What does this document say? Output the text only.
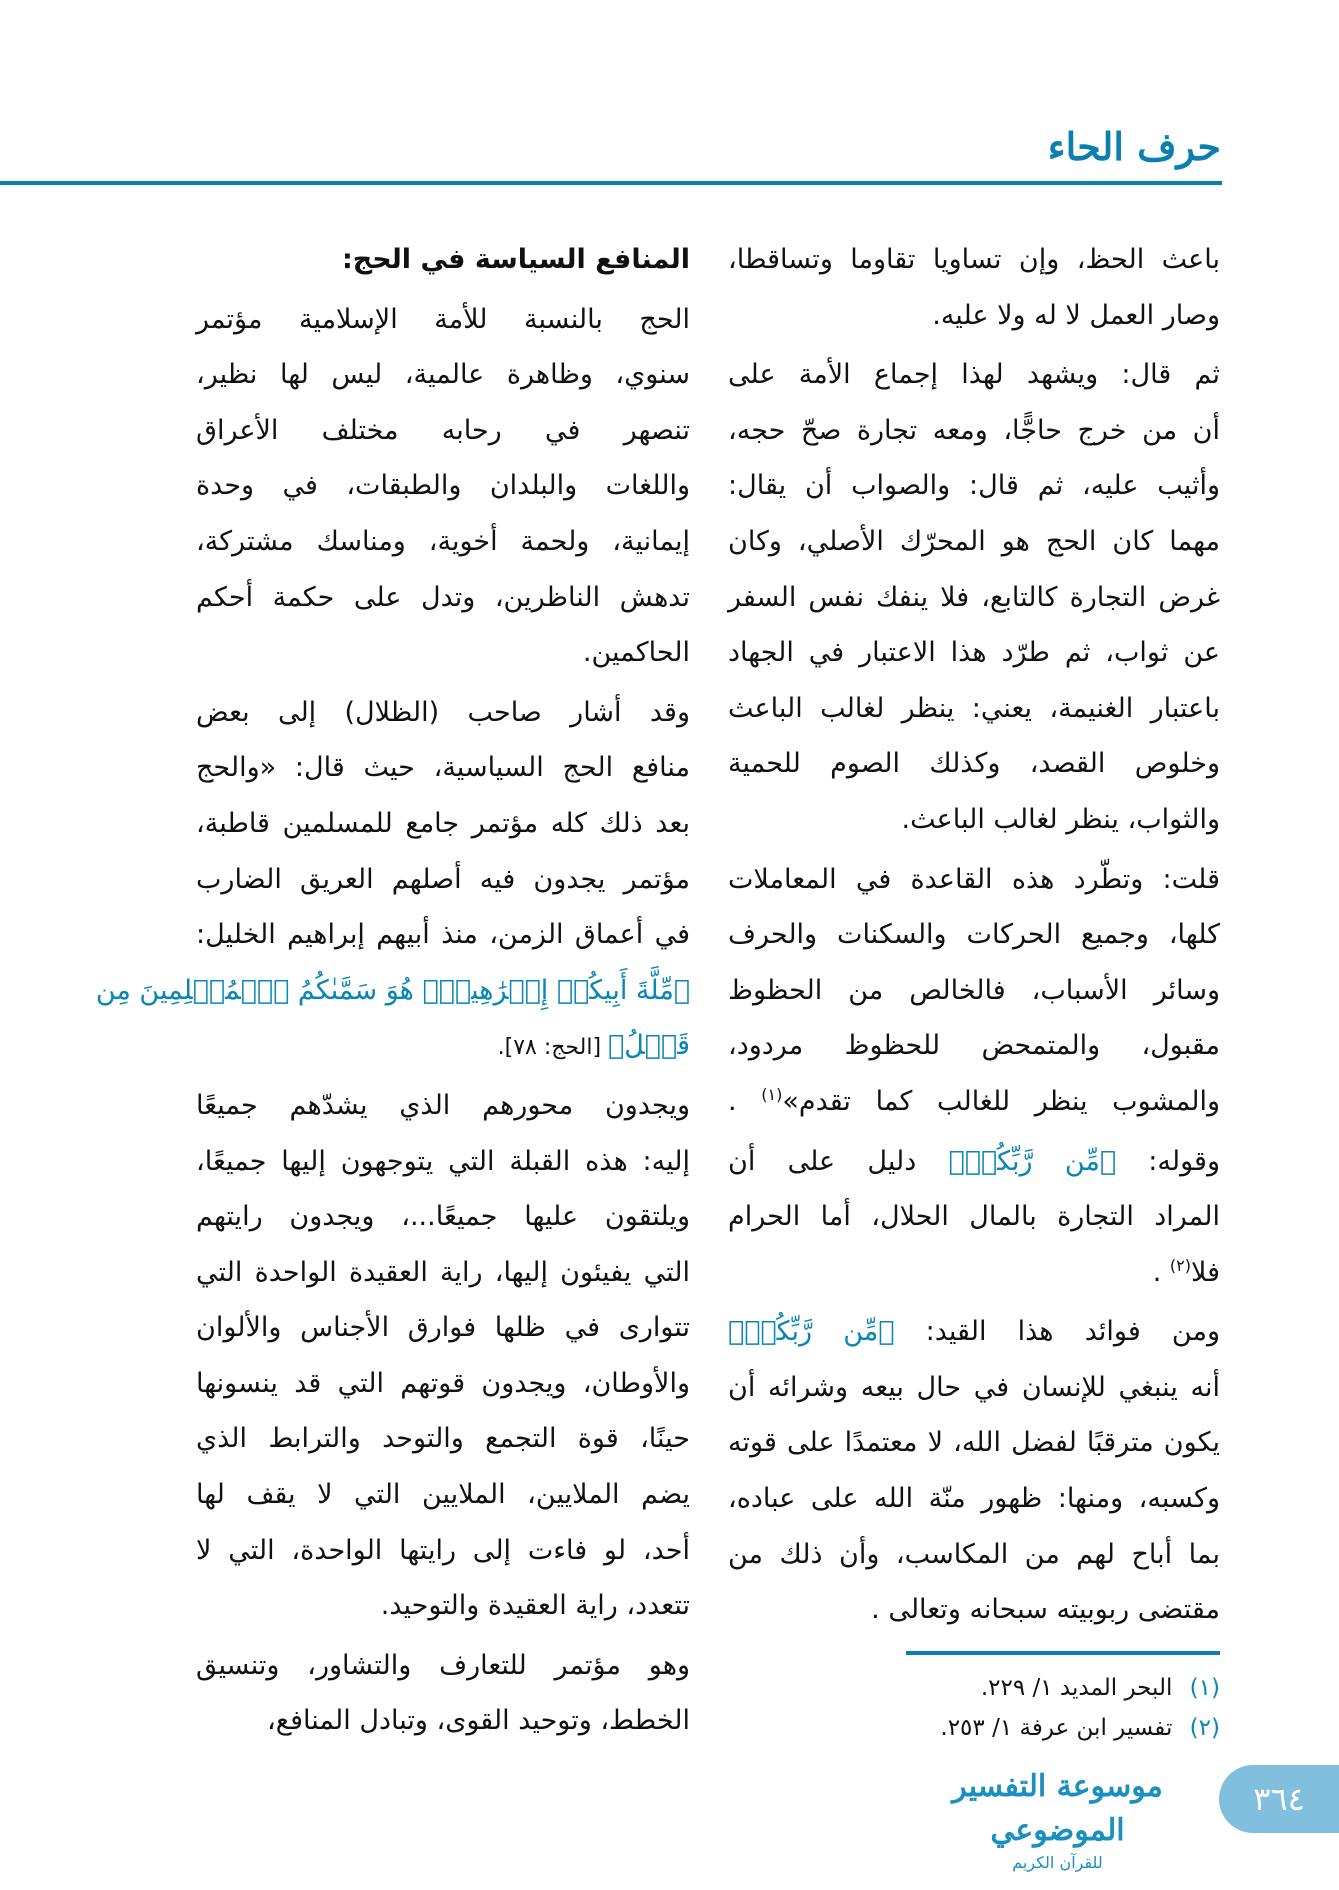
حرف الحاء
باعث الحظ، وإن تساويا تقاوما وتساقطا،
وصار العمل لا له ولا عليه.
ثم قال: ويشهد لهذا إجماع الأمة على
أن من خرج حاجًّا، ومعه تجارة صحّ حجه،
وأثيب عليه، ثم قال: والصواب أن يقال:
مهما كان الحج هو المحرّك الأصلي، وكان
غرض التجارة كالتابع، فلا ينفك نفس السفر
عن ثواب، ثم طرّد هذا الاعتبار في الجهاد
باعتبار الغنيمة، يعني: ينظر لغالب الباعث
وخلوص القصد، وكذلك الصوم للحمية
والثواب، ينظر لغالب الباعث.
قلت: وتطّرد هذه القاعدة في المعاملات
كلها، وجميع الحركات والسكنات والحرف
وسائر الأسباب، فالخالص من الحظوظ
مقبول، والمتمحض للحظوظ مردود،
والمشوب ينظر للغالب كما تقدم»$^{(١)}$ .
وقوله: ﴿مِّن رَّبِّكُمۡ﴾ دليل على أن
المراد التجارة بالمال الحلال، أما الحرام
فلا$^{(٢)}$ .
ومن فوائد هذا القيد: ﴿مِّن رَّبِّكُمۡ﴾
أنه ينبغي للإنسان في حال بيعه وشرائه أن
يكون مترقبًا لفضل الله، لا معتمدًا على قوته
وكسبه، ومنها: ظهور منّة الله على عباده،
بما أباح لهم من المكاسب، وأن ذلك من
مقتضى ربوبيته سبحانه وتعالى .
المنافع السياسة في الحج:
الحج بالنسبة للأمة الإسلامية مؤتمر
سنوي، وظاهرة عالمية، ليس لها نظير،
تنصهر في رحابه مختلف الأعراق
واللغات والبلدان والطبقات، في وحدة
إيمانية، ولحمة أخوية، ومناسك مشتركة،
تدهش الناظرين، وتدل على حكمة أحكم
الحاكمين.
وقد أشار صاحب (الظلال) إلى بعض
منافع الحج السياسية، حيث قال: «والحج
بعد ذلك كله مؤتمر جامع للمسلمين قاطبة،
مؤتمر يجدون فيه أصلهم العريق الضارب
في أعماق الزمن، منذ أبيهم إبراهيم الخليل:
﴿مِّلَّةَ أَبِيكُمۡ إِبۡرَٰهِيمَۚ هُوَ سَمَّىٰكُمُ ٱلۡمُسۡلِمِينَ مِن
قَبۡلُ﴾ [الحج: ٧٨].
ويجدون محورهم الذي يشدّهم جميعًا
إليه: هذه القبلة التي يتوجهون إليها جميعًا،
ويلتقون عليها جميعًا...، ويجدون رايتهم
التي يفيئون إليها، راية العقيدة الواحدة التي
تتوارى في ظلها فوارق الأجناس والألوان
والأوطان، ويجدون قوتهم التي قد ينسونها
حينًا، قوة التجمع والتوحد والترابط الذي
يضم الملايين، الملايين التي لا يقف لها
أحد، لو فاءت إلى رايتها الواحدة، التي لا
تتعدد، راية العقيدة والتوحيد.
وهو مؤتمر للتعارف والتشاور، وتنسيق
الخطط، وتوحيد القوى، وتبادل المنافع،
(١) البحر المديد ١/ ٢٢٩.
(٢) تفسير ابن عرفة ١/ ٢٥٣.
موسوعة التفسير الموضوعي
للقرآن الكريم
٣٦٤
